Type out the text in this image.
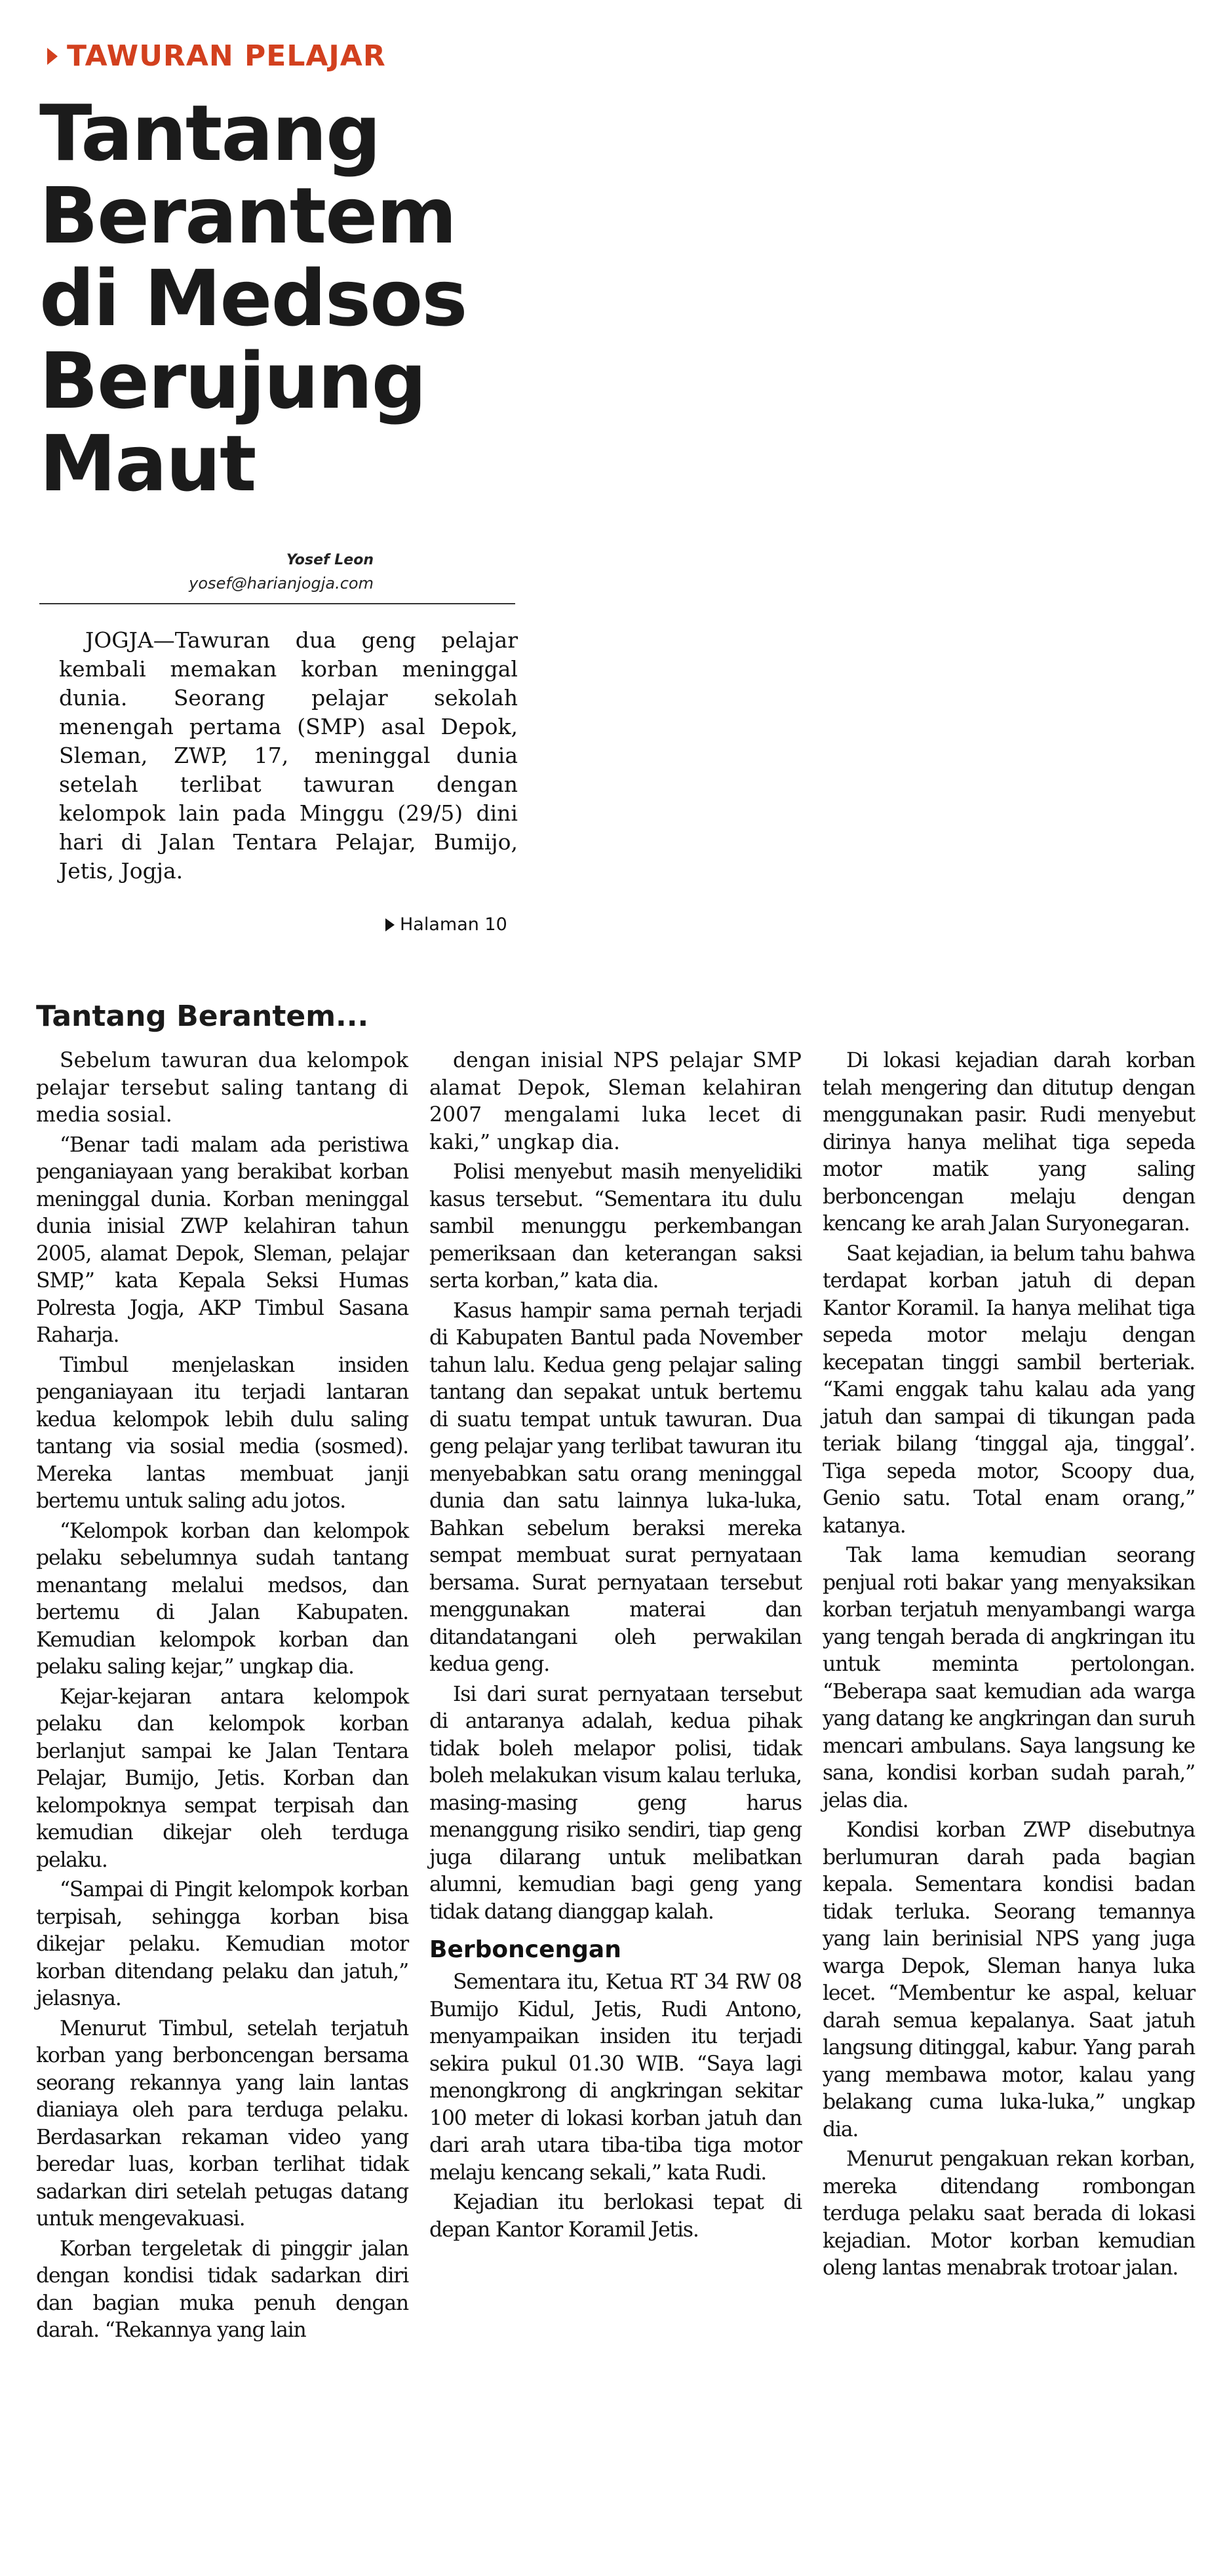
TAWURAN PELAJAR
Tantang
Berantem
di Medsos
Berujung
Maut
Yosef Leon
yosef@harianjogja.com

JOGJA—Tawuran dua geng pelajar kembali memakan korban meninggal dunia. Seorang pelajar sekolah menengah pertama (SMP) asal Depok, Sleman, ZWP, 17, meninggal dunia setelah terlibat tawuran dengan kelompok lain pada Minggu (29/5) dini hari di Jalan Tentara Pelajar, Bumijo, Jetis, Jogja.

Halaman 10
Tantang Berantem...

Sebelum tawuran dua kelompok pelajar tersebut saling tantang di media sosial.

“Benar tadi malam ada peristiwa penganiayaan yang berakibat korban meninggal dunia. Korban meninggal dunia inisial ZWP kelahiran tahun 2005, alamat Depok, Sleman, pelajar SMP,” kata Kepala Seksi Humas Polresta Jogja, AKP Timbul Sasana Raharja.

Timbul menjelaskan insiden penganiayaan itu terjadi lantaran kedua kelompok lebih dulu saling tantang via sosial media (sosmed). Mereka lantas membuat janji bertemu untuk saling adu jotos.

“Kelompok korban dan kelompok pelaku sebelumnya sudah tantang menantang melalui medsos, dan bertemu di Jalan Kabupaten. Kemudian kelompok korban dan pelaku saling kejar,” ungkap dia.

Kejar-kejaran antara kelompok pelaku dan kelompok korban berlanjut sampai ke Jalan Tentara Pelajar, Bumijo, Jetis. Korban dan kelompoknya sempat terpisah dan kemudian dikejar oleh terduga pelaku.

“Sampai di Pingit kelompok korban terpisah, sehingga korban bisa dikejar pelaku. Kemudian motor korban ditendang pelaku dan jatuh,” jelasnya.

Menurut Timbul, setelah terjatuh korban yang berboncengan bersama seorang rekannya yang lain lantas dianiaya oleh para terduga pelaku. Berdasarkan rekaman video yang beredar luas, korban terlihat tidak sadarkan diri setelah petugas datang untuk mengevakuasi.

Korban tergeletak di pinggir jalan dengan kondisi tidak sadarkan diri dan bagian muka penuh dengan darah. “Rekannya yang lain

dengan inisial NPS pelajar SMP alamat Depok, Sleman kelahiran 2007 mengalami luka lecet di kaki,” ungkap dia.

Polisi menyebut masih menyelidiki kasus tersebut. “Sementara itu dulu sambil menunggu perkembangan pemeriksaan dan keterangan saksi serta korban,” kata dia.

Kasus hampir sama pernah terjadi di Kabupaten Bantul pada November tahun lalu. Kedua geng pelajar saling tantang dan sepakat untuk bertemu di suatu tempat untuk tawuran. Dua geng pelajar yang terlibat tawuran itu menyebabkan satu orang meninggal dunia dan satu lainnya luka-luka, Bahkan sebelum beraksi mereka sempat membuat surat pernyataan bersama. Surat pernyataan tersebut menggunakan materai dan ditandatangani oleh perwakilan kedua geng.

Isi dari surat pernyataan tersebut di antaranya adalah, kedua pihak tidak boleh melapor polisi, tidak boleh melakukan visum kalau terluka, masing-masing geng harus menanggung risiko sendiri, tiap geng juga dilarang untuk melibatkan alumni, kemudian bagi geng yang tidak datang dianggap kalah.

Berboncengan

Sementara itu, Ketua RT 34 RW 08 Bumijo Kidul, Jetis, Rudi Antono, menyampaikan insiden itu terjadi sekira pukul 01.30 WIB. “Saya lagi menongkrong di angkringan sekitar 100 meter di lokasi korban jatuh dan dari arah utara tiba-tiba tiga motor melaju kencang sekali,” kata Rudi.

Kejadian itu berlokasi tepat di depan Kantor Koramil Jetis.

Di lokasi kejadian darah korban telah mengering dan ditutup dengan menggunakan pasir. Rudi menyebut dirinya hanya melihat tiga sepeda motor matik yang saling berboncengan melaju dengan kencang ke arah Jalan Suryonegaran.

Saat kejadian, ia belum tahu bahwa terdapat korban jatuh di depan Kantor Koramil. Ia hanya melihat tiga sepeda motor melaju dengan kecepatan tinggi sambil berteriak. “Kami enggak tahu kalau ada yang jatuh dan sampai di tikungan pada teriak bilang ‘tinggal aja, tinggal’. Tiga sepeda motor, Scoopy dua, Genio satu. Total enam orang,” katanya.

Tak lama kemudian seorang penjual roti bakar yang menyaksikan korban terjatuh menyambangi warga yang tengah berada di angkringan itu untuk meminta pertolongan. “Beberapa saat kemudian ada warga yang datang ke angkringan dan suruh mencari ambulans. Saya langsung ke sana, kondisi korban sudah parah,” jelas dia.

Kondisi korban ZWP disebutnya berlumuran darah pada bagian kepala. Sementara kondisi badan tidak terluka. Seorang temannya yang lain berinisial NPS yang juga warga Depok, Sleman hanya luka lecet. “Membentur ke aspal, keluar darah semua kepalanya. Saat jatuh langsung ditinggal, kabur. Yang parah yang membawa motor, kalau yang belakang cuma luka-luka,” ungkap dia.

Menurut pengakuan rekan korban, mereka ditendang rombongan terduga pelaku saat berada di lokasi kejadian. Motor korban kemudian oleng lantas menabrak trotoar jalan.
